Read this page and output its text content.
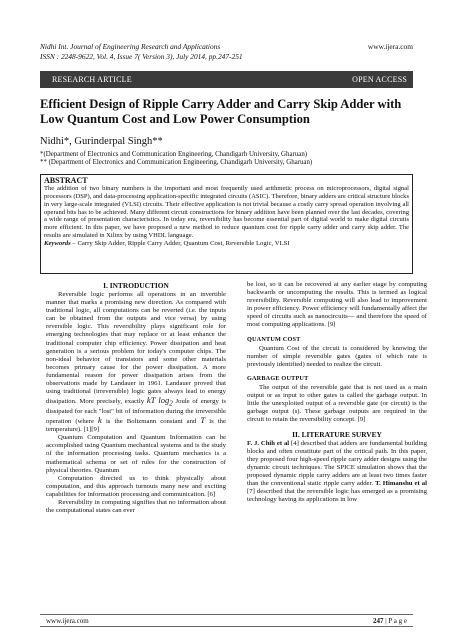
Nidhi Int. Journal of Engineering Research and Applications
ISSN : 2248-9622, Vol. 4, Issue 7( Version 3), July 2014, pp.247-251
www.ijera.com
RESEARCH ARTICLE	OPEN ACCESS
Efficient Design of Ripple Carry Adder and Carry Skip Adder with Low Quantum Cost and Low Power Consumption
Nidhi*, Gurinderpal Singh**
*(Department of Electronics and Communication Engineering, Chandigarh University, Gharuan)
** (Department of Electronics and Communication Engineering, Chandigarh University, Gharuan)
ABSTRACT
The addition of two binary numbers is the important and most frequently used arithmetic process on microprocessors, digital signal processors (DSP), and data-processing application-specific integrated circuits (ASIC). Therefore, binary adders are critical structure blocks in very large-scale integrated (VLSI) circuits. Their effective application is not trivial because a costly carry spread operation involving all operand bits has to be achieved. Many different circuit constructions for binary addition have been planned over the last decades, covering a wide range of presentation characteristics. In today era, reversibility has become essential part of digital world to make digital circuits more efficient. In this paper, we have proposed a new method to reduce quantum cost for ripple carry adder and carry skip adder. The results are simulated in Xilinx by using VHDL language.
Keywords – Carry Skip Adder, Ripple Carry Adder, Quantum Cost, Reversible Logic, VLSI
I. INTRODUCTION

Reversible logic performs all operations in an invertible manner that marks a promising new direction. As compared with traditional logic, all computations can be reverted (i.e. the inputs can be obtained from the outputs and vice versa) by using reversible logic. This reversibility plays significant role for emerging technologies that may replace or at least enhance the traditional computer chip efficiency. Power dissipation and heat generation is a serious problem for today's computer chips. The non-ideal behavior of transistors and some other materials becomes primary cause for the power dissipation. A more fundamental reason for power dissipation arises from the observations made by Landauer in 1961. Landauer proved that using traditional (irreversible) logic gates always lead to energy dissipation. More precisely, exactly kT $\log_2$ Joule of energy is dissipated for each "lost" bit of information during the irreversible operation (where k is the Boltzmann constant and T is the temperature). [1][9]

Quantum Computation and Quantum Information can be accomplished using Quantum mechanical systems and is the study of the information processing tasks. Quantum mechanics is a mathematical schema or set of rules for the construction of physical theories. Quantum

Computation directed us to think physically about computation, and this approach turnouts many new and exciting capabilities for information processing and communication. [6]

Reversibility in computing signifies that no information about the computational states can ever

be lost, so it can be recovered at any earlier stage by computing backwards or uncomputing the results. This is termed as logical reversibility. Reversible computing will also lead to improvement in power efficiency. Power efficiency will fundamentally affect the speed of circuits such as nanocircuits— and therefore the speed of most computing applications. [9]

QUANTUM COST

Quantum Cost of the circuit is considered by knowing the number of simple reversible gates (gates of which rate is previously identified) needed to realize the circuit.

GARBAGE OUTPUT

The output of the reversible gate that is not used as a main output or as input to other gates is called the garbage output. In little the unexploited output of a reversible gate (or circuit) is the garbage output (s). These garbage outputs are required in the circuit to retain the reversibility concept. [9]

II. LITERATURE SURVEY

F. J. Chih et al [4] described that adders are fundamental building blocks and often constitute part of the critical path. In this paper, they proposed four high-speed ripple carry adder designs using the dynamic circuit techniques. The SPICE simulation shows that the proposed dynamic ripple carry adders are at least two times faster than the conventional static ripple carry adder. T. Himanshu et al [7] described that the reversible logic has emerged as a promising technology having its applications in low

www.ijera.com	247 | P a g e
